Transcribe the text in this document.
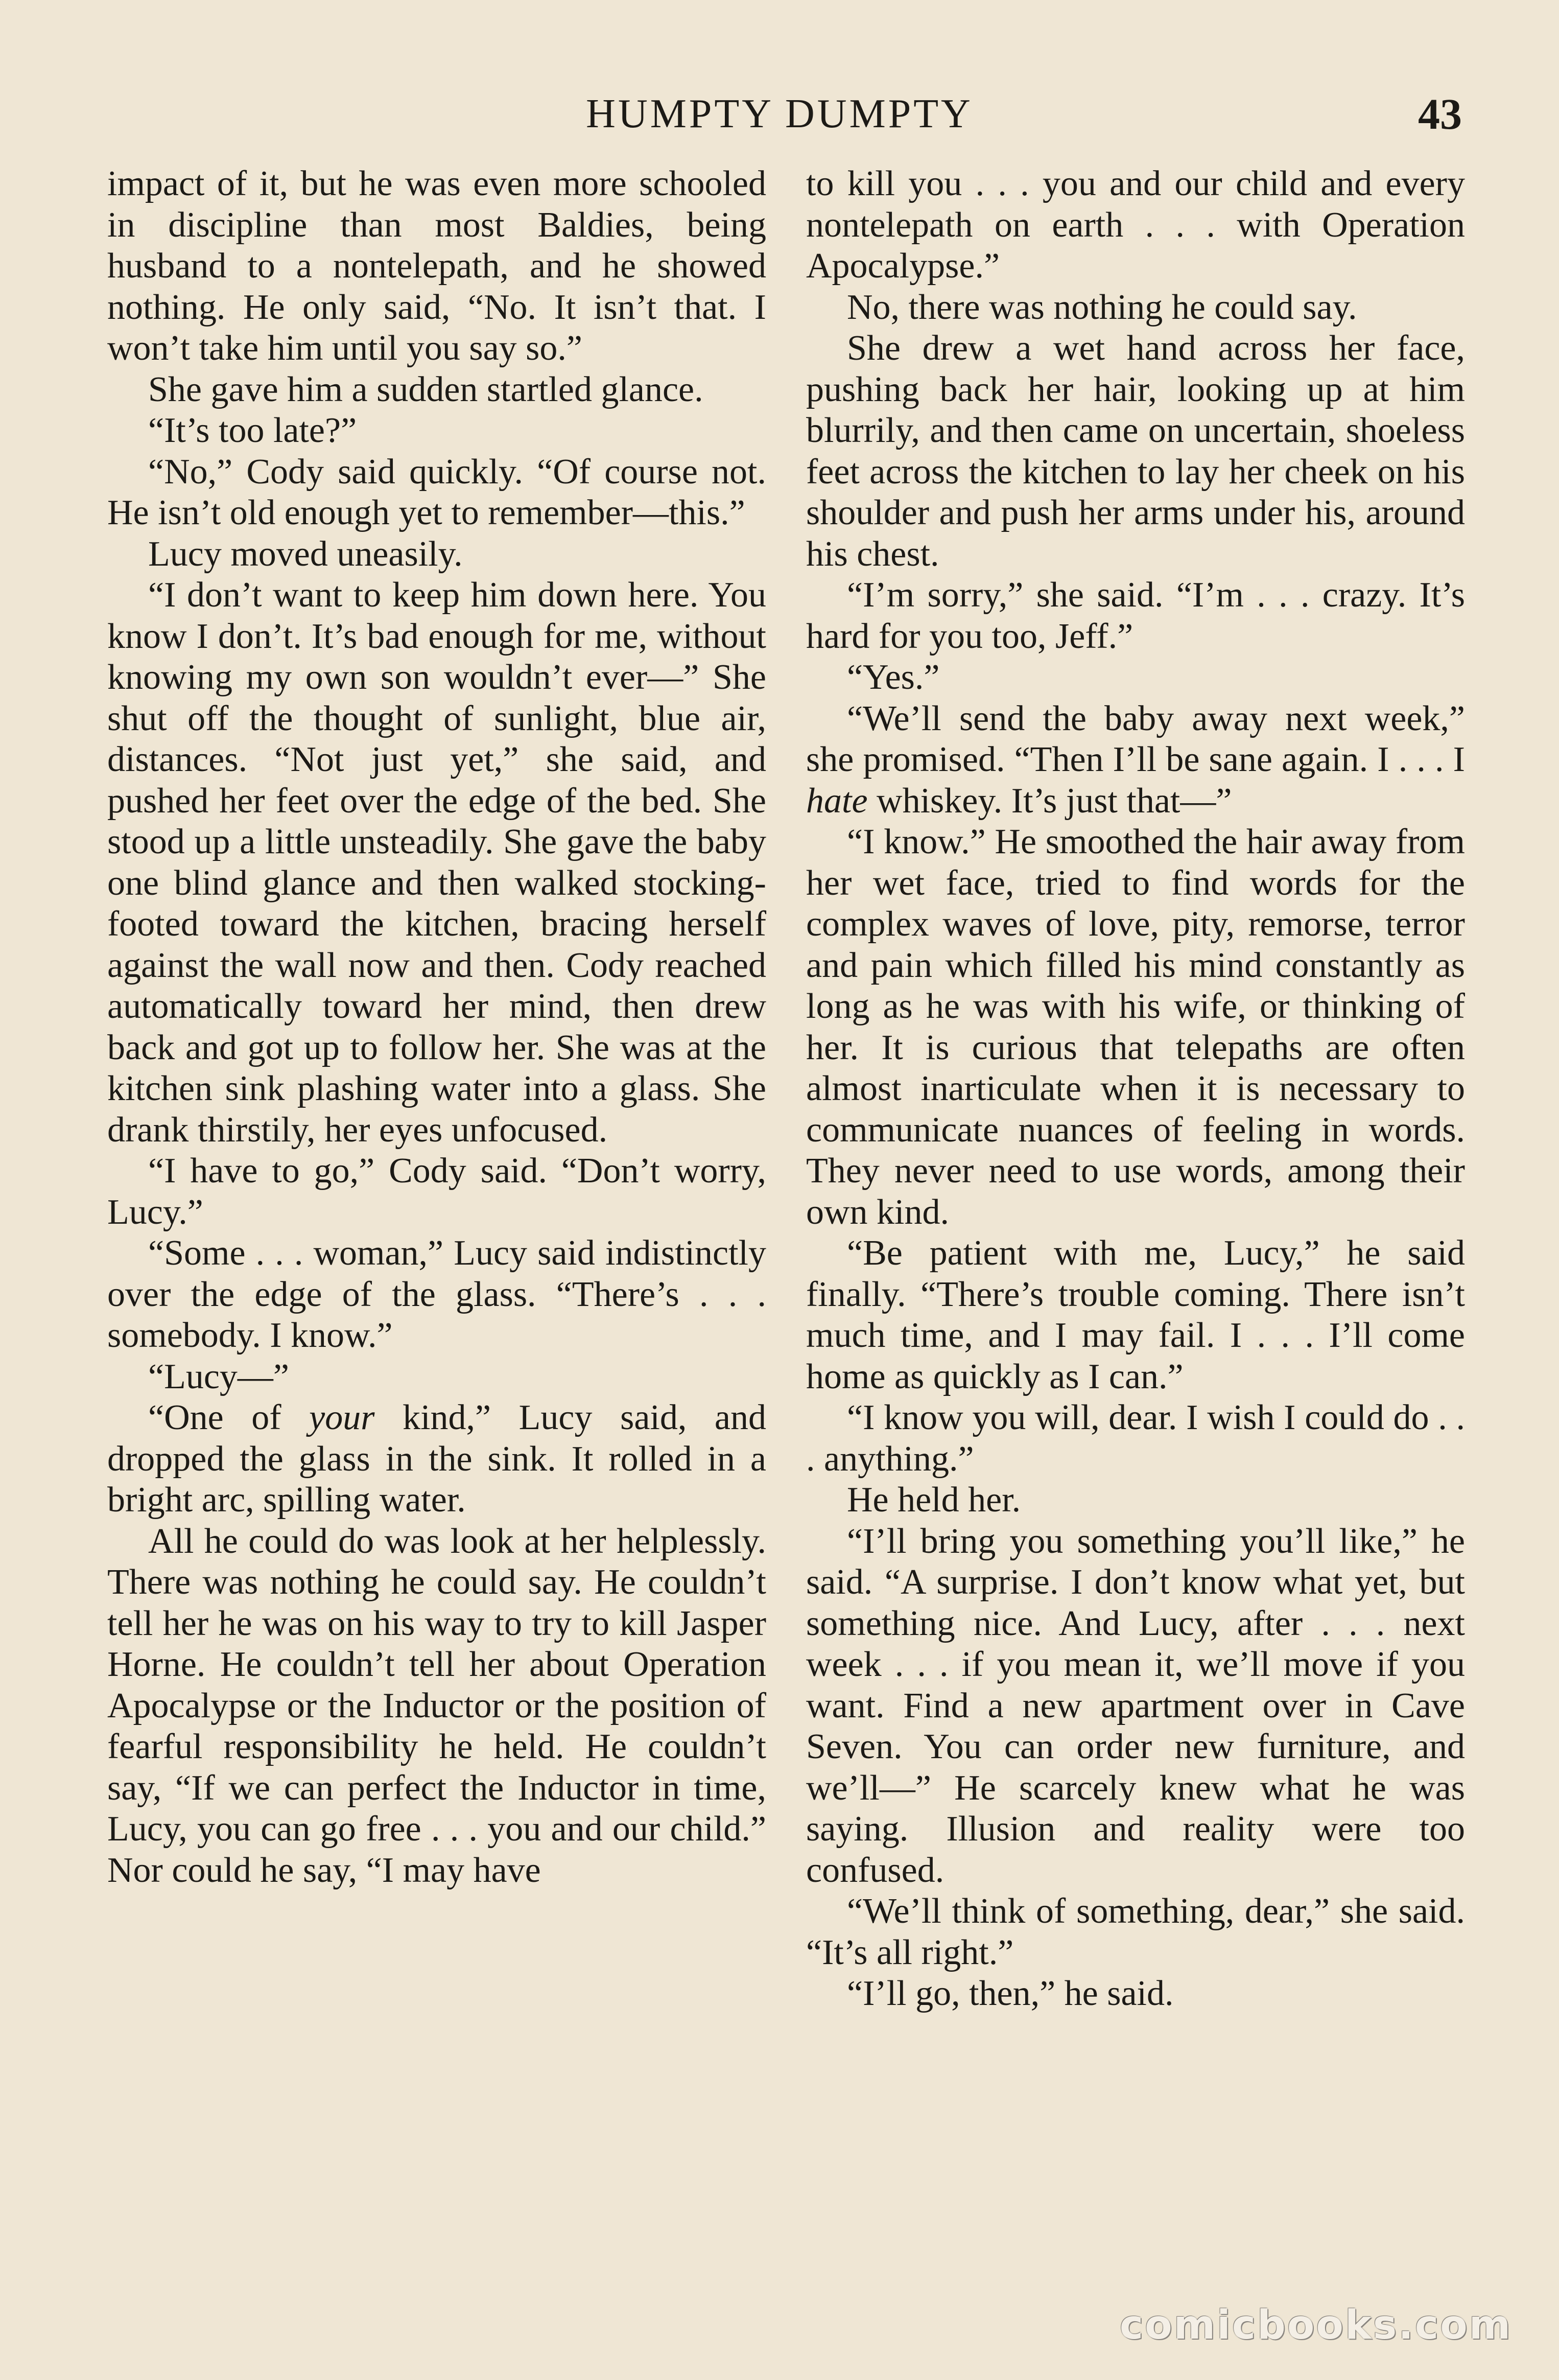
HUMPTY DUMPTY	43

impact of it, but he was even more schooled in discipline than most Baldies, being husband to a nontelepath, and he showed nothing. He only said, “No. It isn’t that. I won’t take him until you say so.”

She gave him a sudden startled glance.

“It’s too late?”

“No,” Cody said quickly. “Of course not. He isn’t old enough yet to remember—this.”

Lucy moved uneasily.

“I don’t want to keep him down here. You know I don’t. It’s bad enough for me, without knowing my own son wouldn’t ever—” She shut off the thought of sunlight, blue air, distances. “Not just yet,” she said, and pushed her feet over the edge of the bed. She stood up a little unsteadily. She gave the baby one blind glance and then walked stocking-footed toward the kitchen, bracing herself against the wall now and then. Cody reached automatically toward her mind, then drew back and got up to follow her. She was at the kitchen sink plashing water into a glass. She drank thirstily, her eyes unfocused.

“I have to go,” Cody said. “Don’t worry, Lucy.”

“Some . . . woman,” Lucy said indistinctly over the edge of the glass. “There’s . . . somebody. I know.”

“Lucy—”

“One of your kind,” Lucy said, and dropped the glass in the sink. It rolled in a bright arc, spilling water.

All he could do was look at her helplessly. There was nothing he could say. He couldn’t tell her he was on his way to try to kill Jasper Horne. He couldn’t tell her about Operation Apocalypse or the Inductor or the position of fearful responsibility he held. He couldn’t say, “If we can perfect the Inductor in time, Lucy, you can go free . . . you and our child.” Nor could he say, “I may have

to kill you . . . you and our child and every nontelepath on earth . . . with Operation Apocalypse.”

No, there was nothing he could say.

She drew a wet hand across her face, pushing back her hair, looking up at him blurrily, and then came on uncertain, shoeless feet across the kitchen to lay her cheek on his shoulder and push her arms under his, around his chest.

“I’m sorry,” she said. “I’m . . . crazy. It’s hard for you too, Jeff.”

“Yes.”

“We’ll send the baby away next week,” she promised. “Then I’ll be sane again. I . . . I hate whiskey. It’s just that—”

“I know.” He smoothed the hair away from her wet face, tried to find words for the complex waves of love, pity, remorse, terror and pain which filled his mind constantly as long as he was with his wife, or thinking of her. It is curious that telepaths are often almost inarticulate when it is necessary to communicate nuances of feeling in words. They never need to use words, among their own kind.

“Be patient with me, Lucy,” he said finally. “There’s trouble coming. There isn’t much time, and I may fail. I . . . I’ll come home as quickly as I can.”

“I know you will, dear. I wish I could do . . . anything.”

He held her.

“I’ll bring you something you’ll like,” he said. “A surprise. I don’t know what yet, but something nice. And Lucy, after . . . next week . . . if you mean it, we’ll move if you want. Find a new apartment over in Cave Seven. You can order new furniture, and we’ll—” He scarcely knew what he was saying. Illusion and reality were too confused.

“We’ll think of something, dear,” she said. “It’s all right.”

“I’ll go, then,” he said.

comicbooks.com
